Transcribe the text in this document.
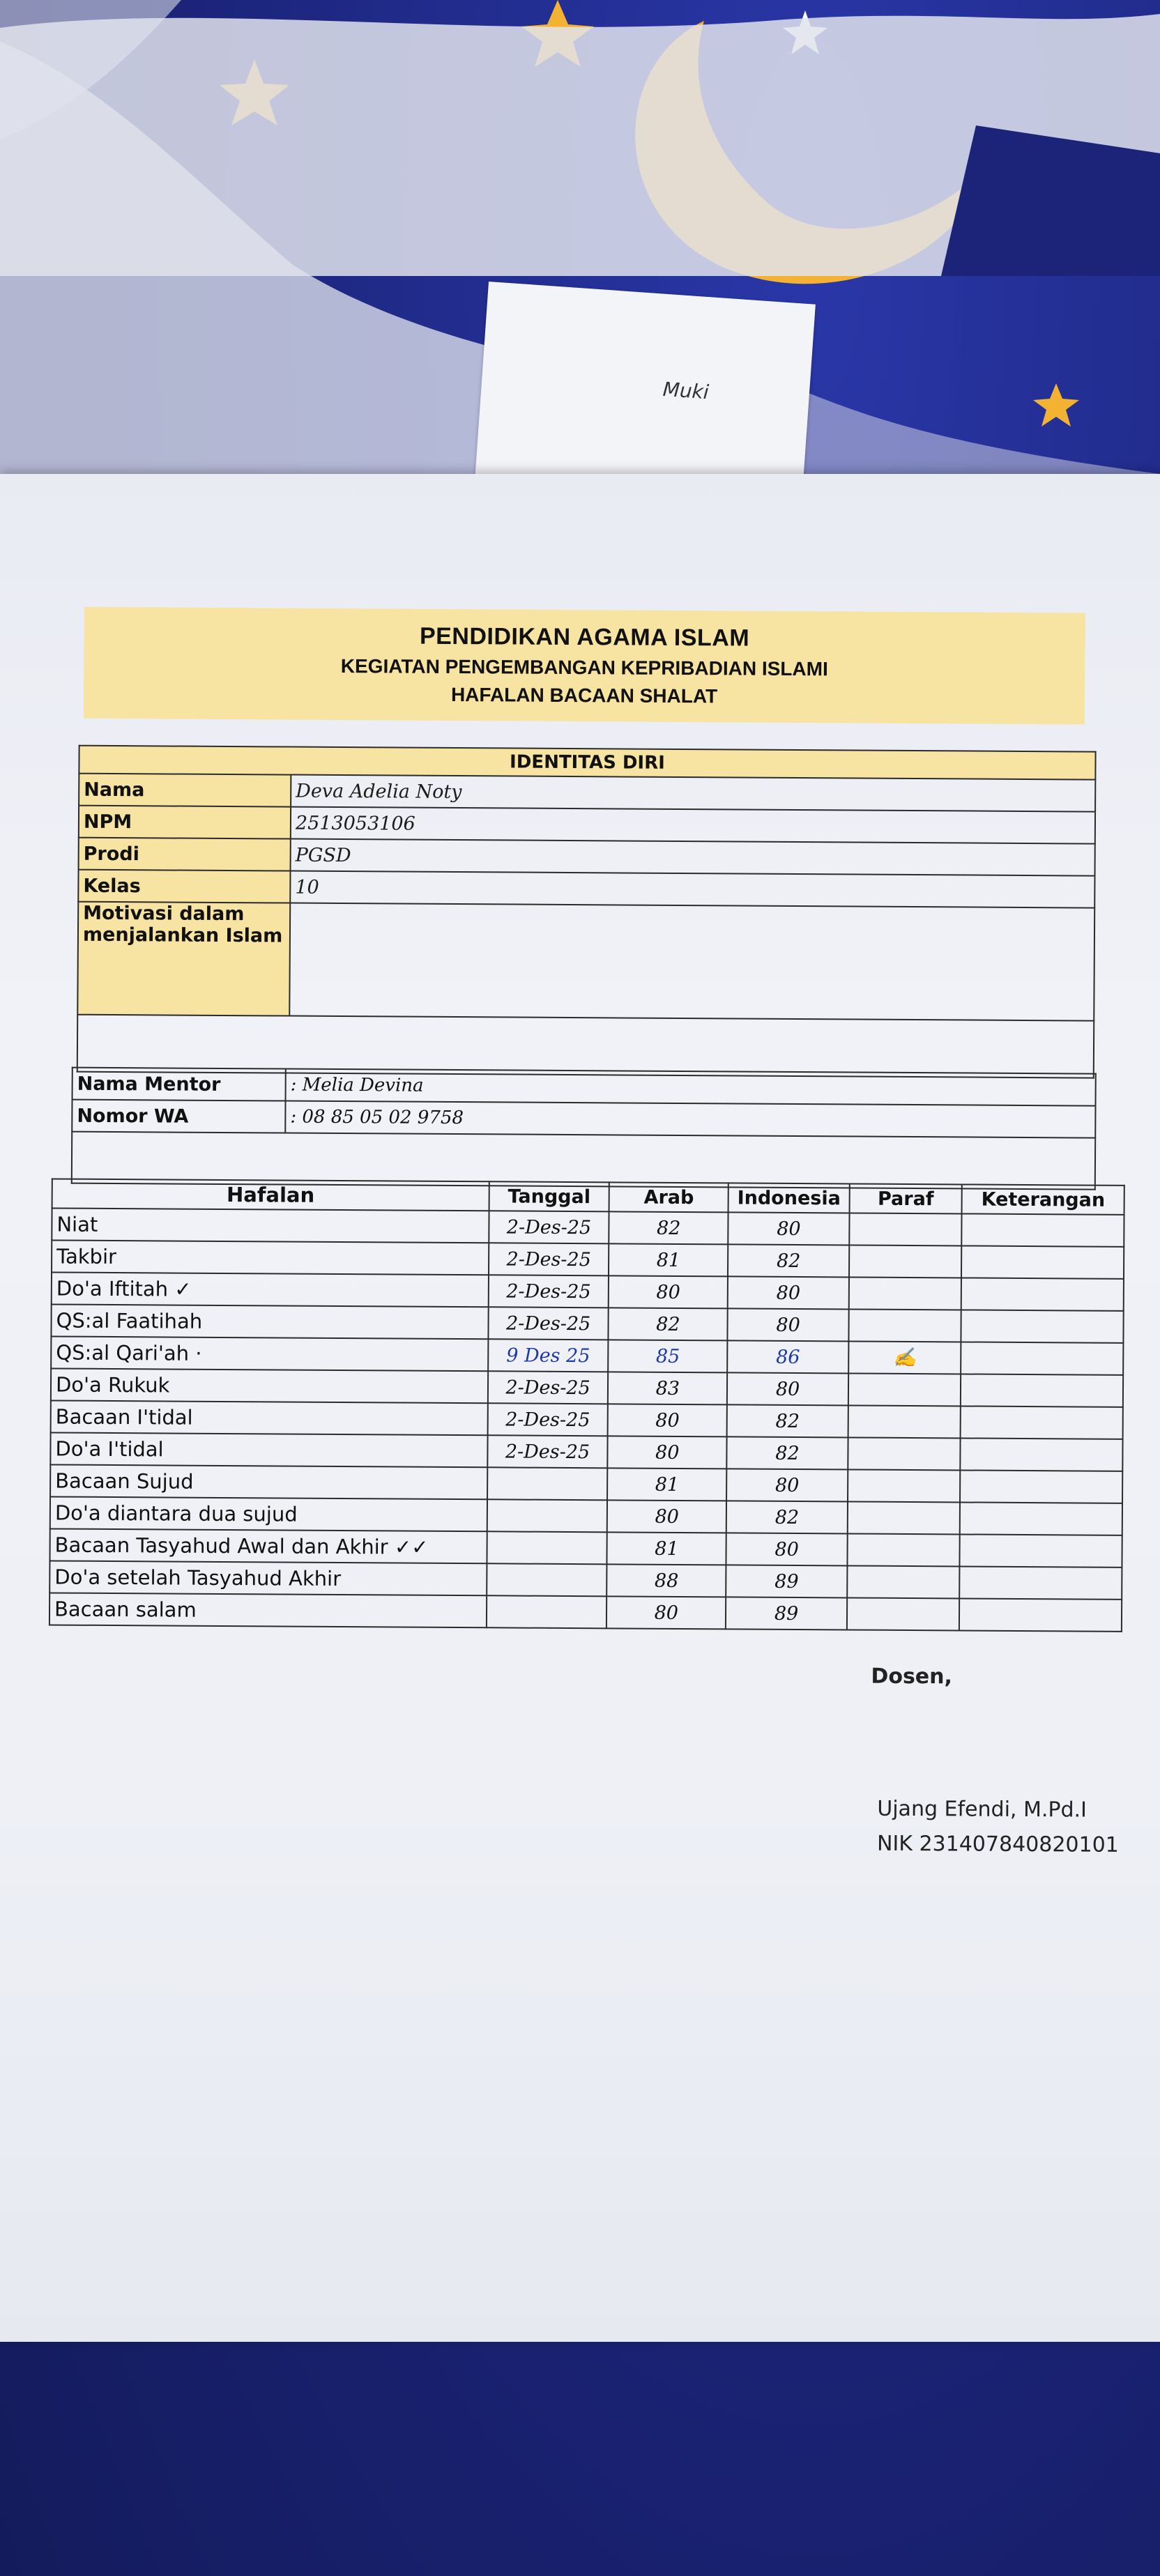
Muki
PENDIDIKAN AGAMA ISLAM
KEGIATAN PENGEMBANGAN KEPRIBADIAN ISLAMI
HAFALAN BACAAN SHALAT
IDENTITAS DIRI	
Nama	Deva Adelia Noty
NPM	2513053106
Prodi	PGSD
Kelas	10
Motivasi dalam menjalankan Islam	

Nama Mentor	: Melia Devina
Nomor WA	: 08 85 05 02 9758

Hafalan	Tanggal	Arab	Indonesia	Paraf	Keterangan
Niat	2-Des-25	82	80		
Takbir	2-Des-25	81	82		
Do'a Iftitah ✓	2-Des-25	80	80		
QS:al Faatihah	2-Des-25	82	80		
QS:al Qari'ah ·	9 Des 25	85	86	✍	
Do'a Rukuk	2-Des-25	83	80		
Bacaan I'tidal	2-Des-25	80	82		
Do'a I'tidal	2-Des-25	80	82		
Bacaan Sujud		81	80		
Do'a diantara dua sujud		80	82		
Bacaan Tasyahud Awal dan Akhir ✓✓		81	80		
Do'a setelah Tasyahud Akhir		88	89		
Bacaan salam		80	89		
Dosen,
Ujang Efendi, M.Pd.I
NIK 231407840820101
